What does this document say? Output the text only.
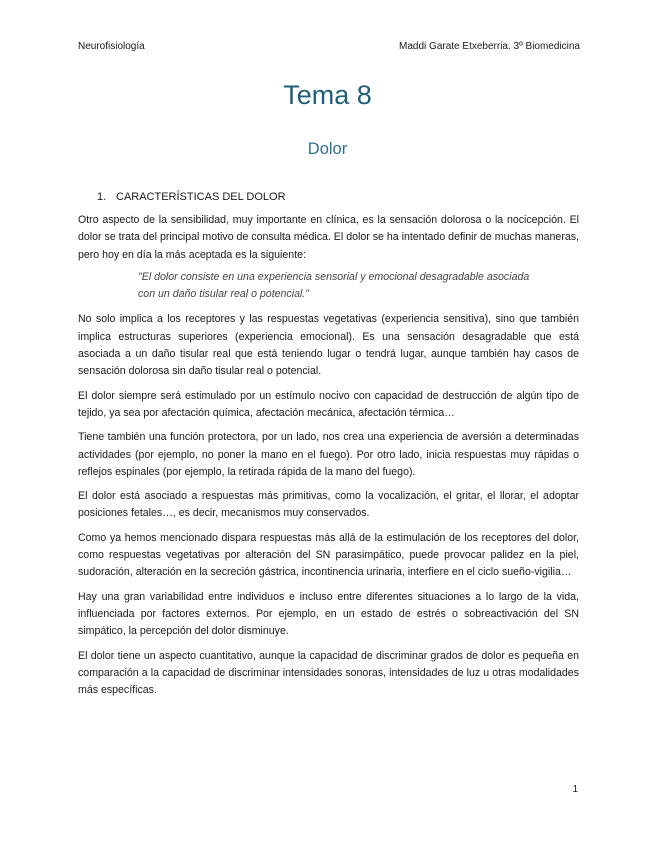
Neurofisiología	Maddi Garate Etxeberria. 3º Biomedicina
Tema 8
Dolor
1. CARACTERÍSTICAS DEL DOLOR

Otro aspecto de la sensibilidad, muy importante en clínica, es la sensación dolorosa o la nocicepción. El dolor se trata del principal motivo de consulta médica. El dolor se ha intentado definir de muchas maneras, pero hoy en día la más aceptada es la siguiente:

"El dolor consiste en una experiencia sensorial y emocional desagradable asociada con un daño tisular real o potencial."

No solo implica a los receptores y las respuestas vegetativas (experiencia sensitiva), sino que también implica estructuras superiores (experiencia emocional). Es una sensación desagradable que está asociada a un daño tisular real que está teniendo lugar o tendrá lugar, aunque también hay casos de sensación dolorosa sin daño tisular real o potencial.

El dolor siempre será estimulado por un estímulo nocivo con capacidad de destrucción de algún tipo de tejido, ya sea por afectación química, afectación mecánica, afectación térmica…

Tiene también una función protectora, por un lado, nos crea una experiencia de aversión a determinadas actividades (por ejemplo, no poner la mano en el fuego). Por otro lado, inicia respuestas muy rápidas o reflejos espinales (por ejemplo, la retirada rápida de la mano del fuego).

El dolor está asociado a respuestas más primitivas, como la vocalización, el gritar, el llorar, el adoptar posiciones fetales…, es decir, mecanismos muy conservados.

Como ya hemos mencionado dispara respuestas más allá de la estimulación de los receptores del dolor, como respuestas vegetativas por alteración del SN parasimpático, puede provocar palidez en la piel, sudoración, alteración en la secreción gástrica, incontinencia urinaria, interfiere en el ciclo sueño-vigilia…

Hay una gran variabilidad entre individuos e incluso entre diferentes situaciones a lo largo de la vida, influenciada por factores externos. Por ejemplo, en un estado de estrés o sobreactivación del SN simpático, la percepción del dolor disminuye.

El dolor tiene un aspecto cuantitativo, aunque la capacidad de discriminar grados de dolor es pequeña en comparación a la capacidad de discriminar intensidades sonoras, intensidades de luz u otras modalidades más específicas.

1
